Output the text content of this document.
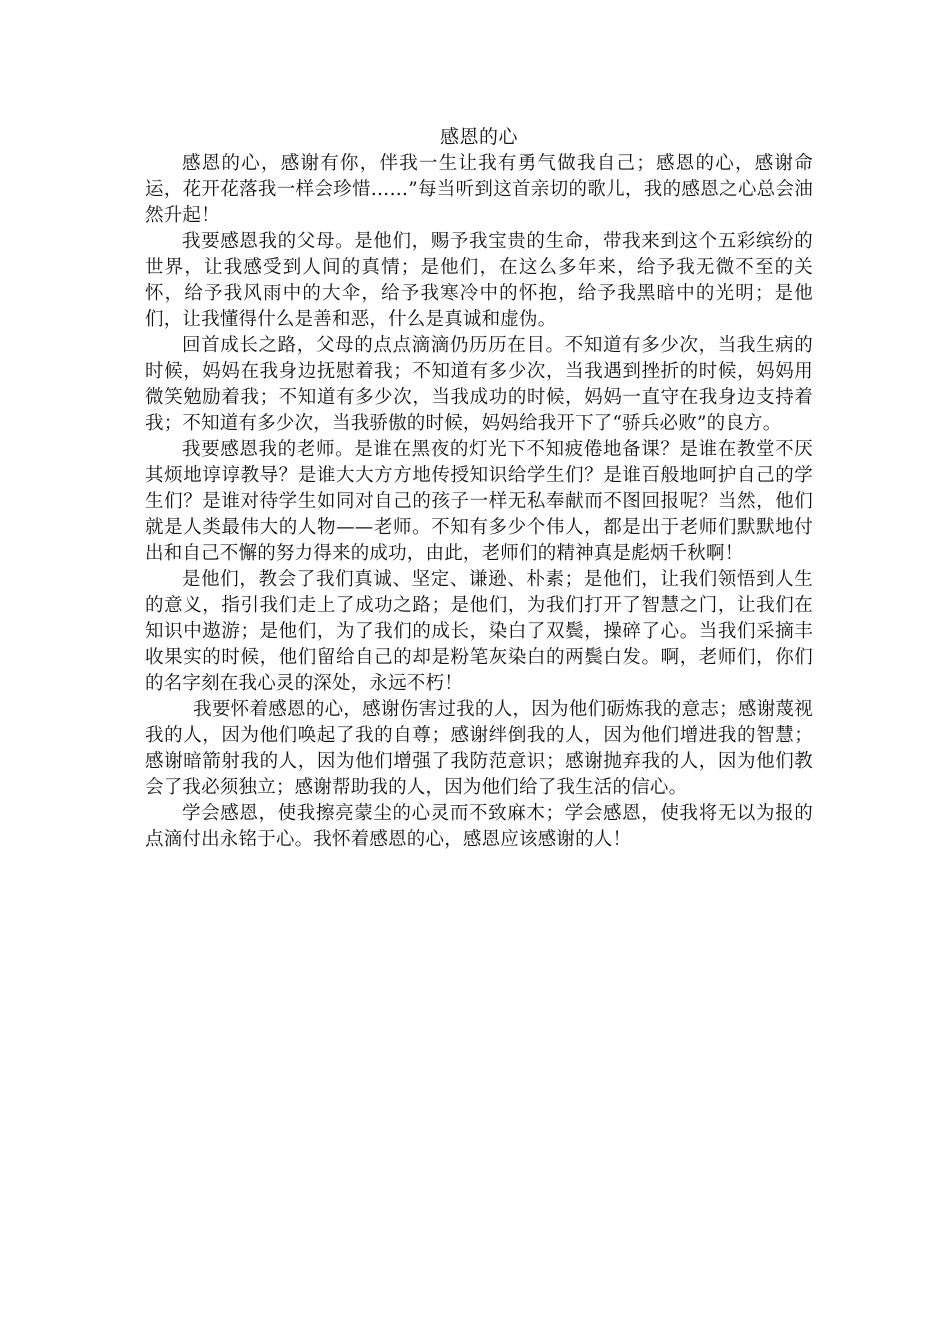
感恩的心

感恩的心，感谢有你，伴我一生让我有勇气做我自己；感恩的心，感谢命运，花开花落我一样会珍惜……”每当听到这首亲切的歌儿，我的感恩之心总会油然升起！

我要感恩我的父母。是他们，赐予我宝贵的生命，带我来到这个五彩缤纷的世界，让我感受到人间的真情；是他们，在这么多年来，给予我无微不至的关怀，给予我风雨中的大伞，给予我寒冷中的怀抱，给予我黑暗中的光明；是他们，让我懂得什么是善和恶，什么是真诚和虚伪。

回首成长之路，父母的点点滴滴仍历历在目。不知道有多少次，当我生病的时候，妈妈在我身边抚慰着我；不知道有多少次，当我遇到挫折的时候，妈妈用微笑勉励着我；不知道有多少次，当我成功的时候，妈妈一直守在我身边支持着我；不知道有多少次，当我骄傲的时候，妈妈给我开下了“骄兵必败”的良方。

我要感恩我的老师。是谁在黑夜的灯光下不知疲倦地备课？是谁在教堂不厌其烦地谆谆教导？是谁大大方方地传授知识给学生们？是谁百般地呵护自己的学生们？是谁对待学生如同对自己的孩子一样无私奉献而不图回报呢？当然，他们就是人类最伟大的人物——老师。不知有多少个伟人，都是出于老师们默默地付出和自己不懈的努力得来的成功，由此，老师们的精神真是彪炳千秋啊！

是他们，教会了我们真诚、坚定、谦逊、朴素；是他们，让我们领悟到人生的意义，指引我们走上了成功之路；是他们，为我们打开了智慧之门，让我们在知识中遨游；是他们，为了我们的成长，染白了双鬓，操碎了心。当我们采摘丰收果实的时候，他们留给自己的却是粉笔灰染白的两鬓白发。啊，老师们，你们的名字刻在我心灵的深处，永远不朽！

我要怀着感恩的心，感谢伤害过我的人，因为他们砺炼我的意志；感谢蔑视我的人，因为他们唤起了我的自尊；感谢绊倒我的人，因为他们增进我的智慧；感谢暗箭射我的人，因为他们增强了我防范意识；感谢抛弃我的人，因为他们教会了我必须独立；感谢帮助我的人，因为他们给了我生活的信心。

学会感恩，使我擦亮蒙尘的心灵而不致麻木；学会感恩，使我将无以为报的点滴付出永铭于心。我怀着感恩的心，感恩应该感谢的人！
